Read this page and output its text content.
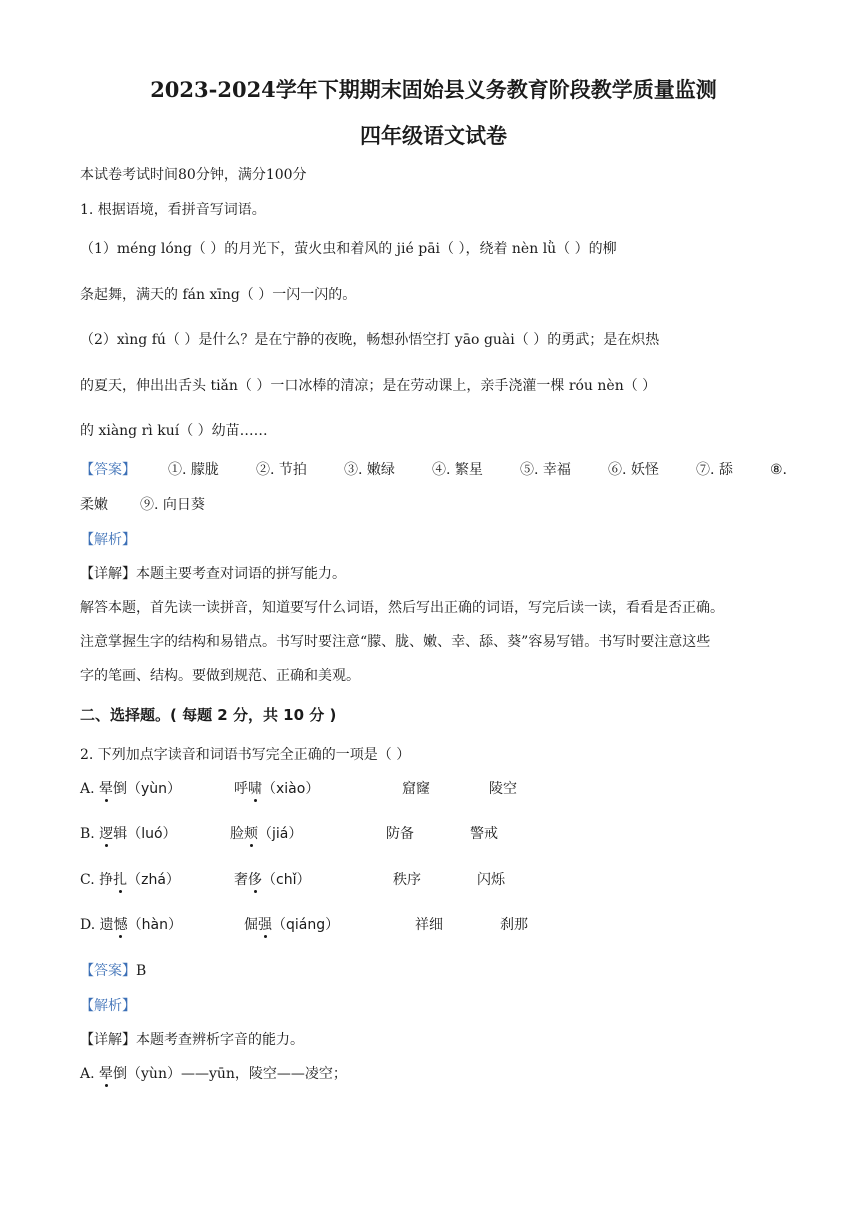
2023-2024学年下期期末固始县义务教育阶段教学质量监测
四年级语文试卷
本试卷考试时间80分钟，满分100分
1. 根据语境，看拼音写词语。
（1）méng lóng（ ）的月光下，萤火虫和着风的 jié pāi（ ），绕着 nèn lǜ（ ）的柳
条起舞，满天的 fán xīng（ ）一闪一闪的。
（2）xìng fú（ ）是什么？是在宁静的夜晚，畅想孙悟空打 yāo guài（ ）的勇武；是在炽热
的夏天，伸出出舌头 tiǎn（ ）一口冰棒的清凉；是在劳动课上，亲手浇灌一棵 róu nèn（ ）
的 xiàng rì kuí（ ）幼苗……
【答案】 ①. 朦胧	②. 节拍	③. 嫩绿	④. 繁星	⑤. 幸福	⑥. 妖怪	⑦. 舔	⑧.
柔嫩 ⑨. 向日葵
【解析】
【详解】本题主要考查对词语的拼写能力。
解答本题，首先读一读拼音，知道要写什么词语，然后写出正确的词语，写完后读一读，看看是否正确。
注意掌握生字的结构和易错点。书写时要注意“朦、胧、嫩、幸、舔、葵”容易写错。书写时要注意这些
字的笔画、结构。要做到规范、正确和美观。
二、选择题。( 每题 2 分，共 10 分 )
2. 下列加点字读音和词语书写完全正确的一项是（ ）
A. 晕倒（yùn）	呼啸（xiào）	窟窿	陵空
B. 逻辑（luó）	脸颊（jiá）	防备	警戒
C. 挣扎（zhá）	奢侈（chǐ）	秩序	闪烁
D. 遗憾（hàn）	倔强（qiáng）	祥细	刹那
【答案】B
【解析】
【详解】本题考查辨析字音的能力。
A. 晕倒（yùn）——yūn，陵空——凌空；
